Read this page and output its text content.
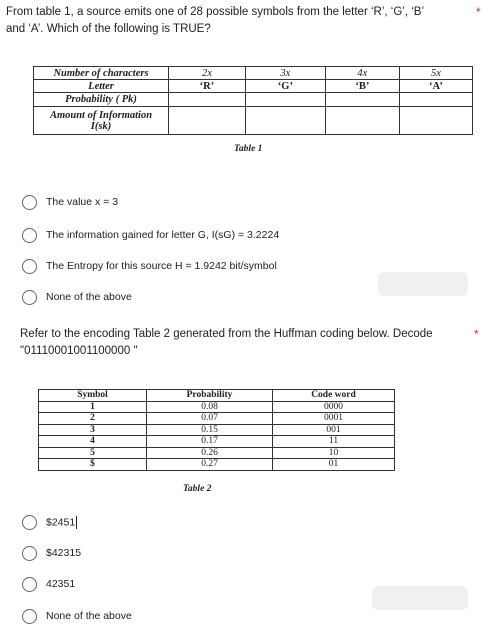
From table 1, a source emits one of 28 possible symbols from the letter ‘R’, ‘G’, ‘B’
and ‘A’. Which of the following is TRUE?
*
Number of characters	2x	3x	4x	5x
Letter	‘R’	‘G’	‘B’	‘A’
Probability ( Pk)				

Amount of Information
I(sk)				

Table 1
The value x = 3
The information gained for letter G, I(sG) = 3.2224
The Entropy for this source H = 1.9242 bit/symbol
None of the above
Refer to the encoding Table 2 generated from the Huffman coding below. Decode
"01110001001100000 "
*
Symbol	Probability	Code word
1	0.08	0000
2	0.07	0001
3	0.15	001
4	0.17	11
5	0.26	10
$	0.27	01
Table 2
$2451
$42315
42351
None of the above
